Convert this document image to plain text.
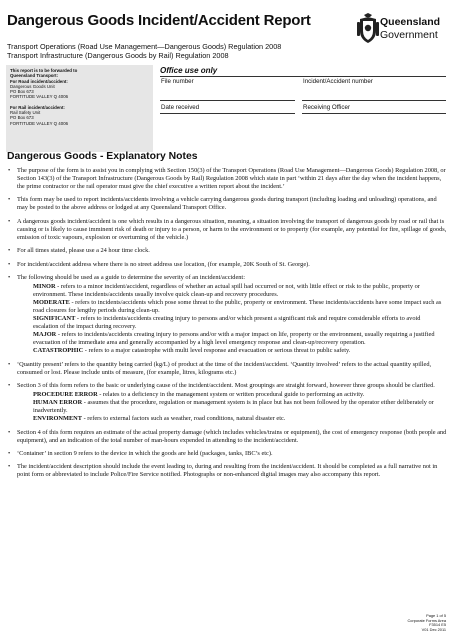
Dangerous Goods Incident/Accident Report
Transport Operations (Road Use Management—Dangerous Goods) Regulation 2008
Transport Infrastructure (Dangerous Goods by Rail) Regulation 2008
Queensland
Government
This report is to be forwarded to
Queensland Transport:
For Road incident/accident:
Dangerous Goods Unit
PO Box 673
FORTITUDE VALLEY Q 4006
For Rail incident/accident:
Rail Safety Unit
PO Box 673
FORTITUDE VALLEY Q 4006
Office use only
File number	Incident/Accident number
Date received	Receiving Officer
Dangerous Goods - Explanatory Notes

• The purpose of the form is to assist you in complying with Section 150(3) of the Transport Operations (Road Use Management—Dangerous Goods) Regulation 2008, or Section 143(3) of the Transport Infrastructure (Dangerous Goods by Rail) Regulation 2008 which state in part ‘within 21 days after the day when the incident happens, the prime contractor or the rail operator must give the chief executive a written report about the incident.’

• This form may be used to report incidents/accidents involving a vehicle carrying dangerous goods during transport (including loading and unloading) operations, and may be posted to the above address or lodged at any Queensland Transport Office.

• A dangerous goods incident/accident is one which results in a dangerous situation, meaning, a situation involving the transport of dangerous goods by road or rail that is causing or is likely to cause imminent risk of death or injury to a person, or harm to the environment or to property (for example, any potential for fire, spillage of goods, emission of toxic vapours, explosion or overturning of the vehicle.)

• For all times stated, please use a 24 hour time clock.

• For incident/accident address where there is no street address use location, (for example, 20K South of St. George).

• The following should be used as a guide to determine the severity of an incident/accident:

MINOR - refers to a minor incident/accident, regardless of whether an actual spill had occurred or not, with little effect or risk to the public, property or environment. These incidents/accidents usually involve quick clean-up and recovery procedures.

MODERATE - refers to incidents/accidents which pose some threat to the public, property or environment. These incidents/accidents have some impact such as road closures for lengthy periods during clean-up.

SIGNIFICANT - refers to incidents/accidents creating injury to persons and/or which present a significant risk and require considerable efforts to avoid escalation of the impact during recovery.

MAJOR - refers to incidents/accidents creating injury to persons and/or with a major impact on life, property or the environment, usually requiring a justified evacuation of the immediate area and generally accompanied by a high level emergency response and clean-up/recovery operation.

CATASTROPHIC - refers to a major catastrophe with multi level response and evacuation or serious threat to public safety.

• ‘Quantity present’ refers to the quantity being carried (kg/L) of product at the time of the incident/accident. ‘Quantity involved’ refers to the actual quantity spilled, consumed or lost. Please include units of measure, (for example, litres, kilograms etc.)

• Section 3 of this form refers to the basic or underlying cause of the incident/accident. Most groupings are straight forward, however three groups should be clarified.

PROCEDURE ERROR - relates to a deficiency in the management system or written procedural guide to performing an activity.

HUMAN ERROR - assumes that the procedure, regulation or management system is in place but has not been followed by the operator either deliberately or inadvertently.

ENVIRONMENT - refers to external factors such as weather, road conditions, natural disaster etc.

• Section 4 of this form requires an estimate of the actual property damage (which includes vehicles/trains or equipment), the cost of emergency response (both people and equipment), and an indication of the total number of man-hours expended in attending to the incident/accident.

• ‘Container’ in section 9 refers to the device in which the goods are held (packages, tanks, IBC’s etc).

• The incident/accident description should include the event leading to, during and resulting from the incident/accident. It should be completed as a full narrative not in point form or abbreviated to include Police/Fire Service notified. Photographs or non-enhanced digital images may also accompany this report.

Page 1 of 5
Corporate Forms Area
F3514 E5
V01 Dec 2011
